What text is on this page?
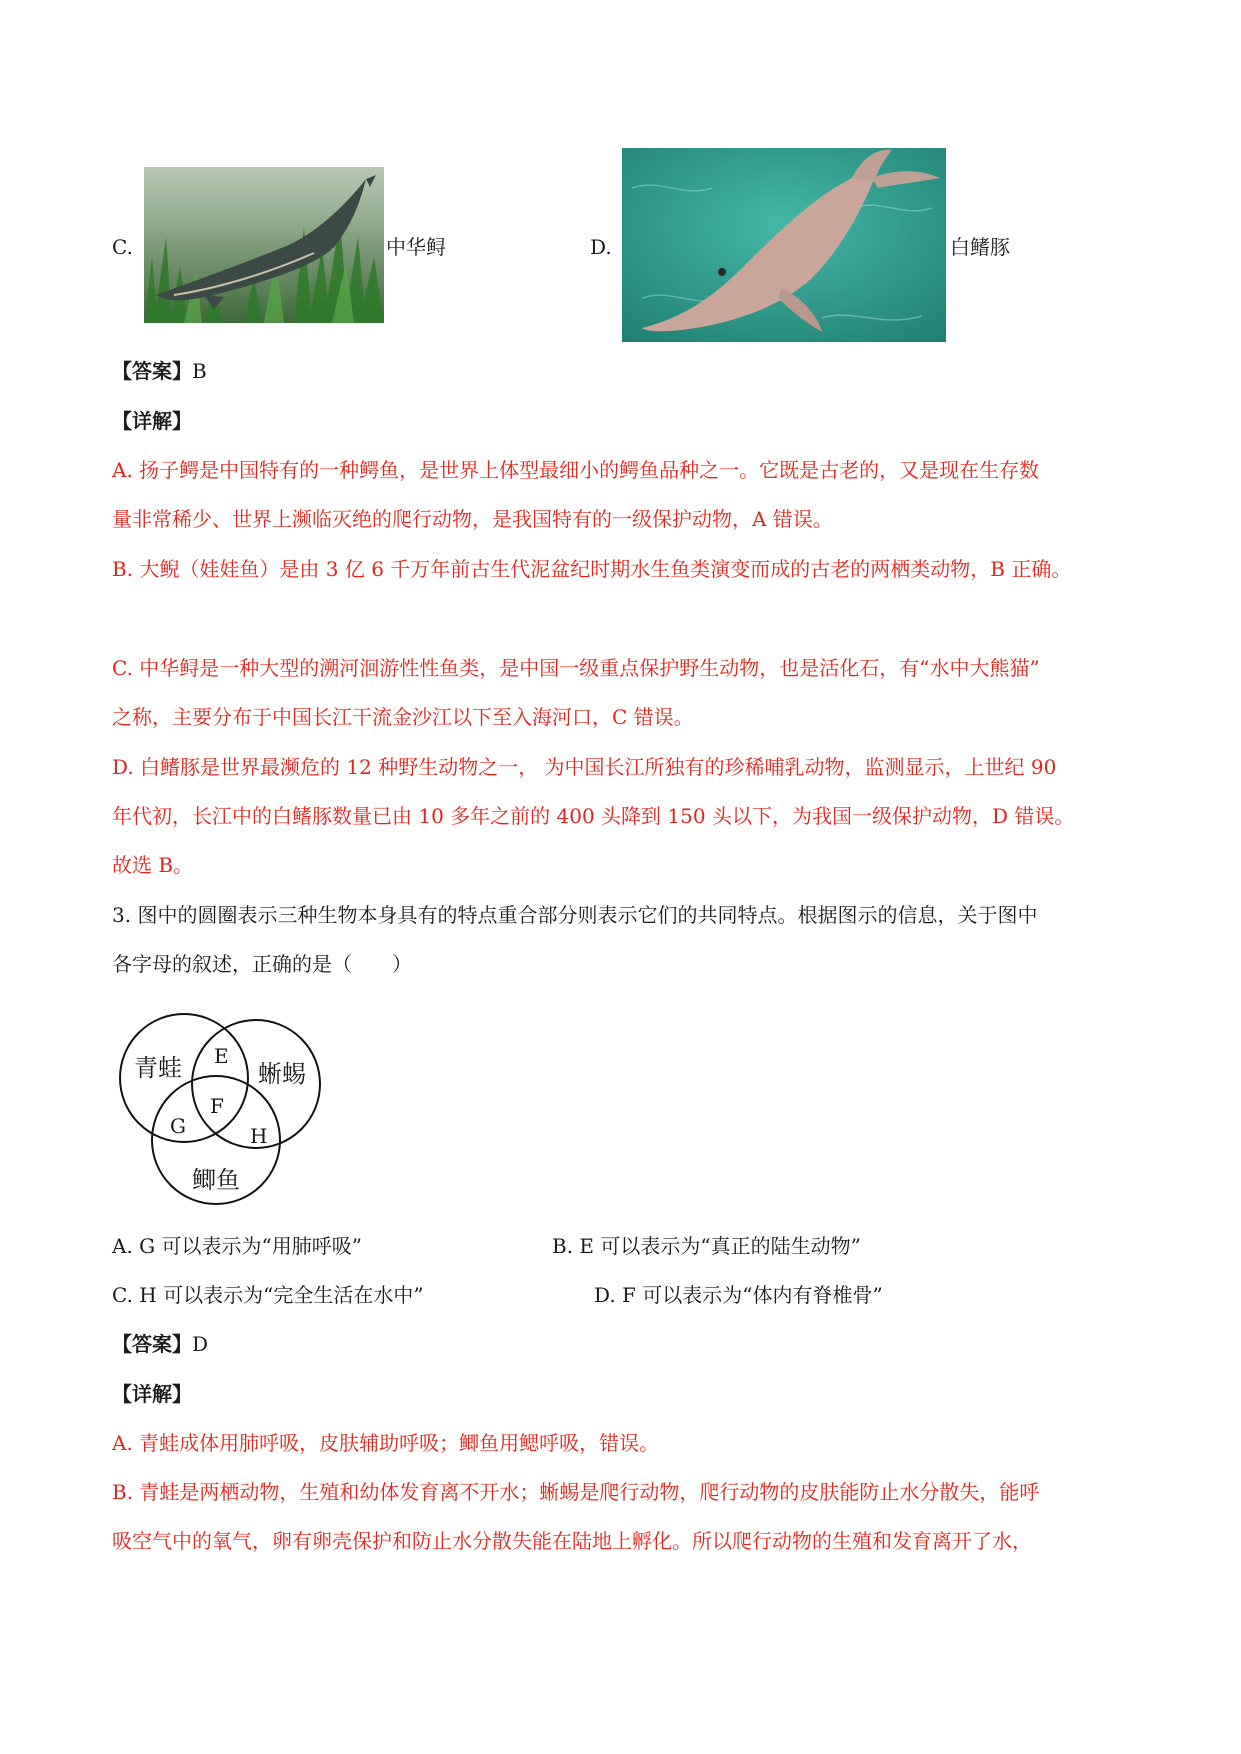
C.	中华鲟	D.	白鳍豚
【答案】B
【详解】
A. 扬子鳄是中国特有的一种鳄鱼，是世界上体型最细小的鳄鱼品种之一。它既是古老的，又是现在生存数
量非常稀少、世界上濒临灭绝的爬行动物，是我国特有的一级保护动物，A 错误。
B. 大鲵（娃娃鱼）是由 3 亿 6 千万年前古生代泥盆纪时期水生鱼类演变而成的古老的两栖类动物，B 正确。
C. 中华鲟是一种大型的溯河洄游性性鱼类，是中国一级重点保护野生动物，也是活化石，有“水中大熊猫”
之称，主要分布于中国长江干流金沙江以下至入海河口，C 错误。
D. 白鳍豚是世界最濒危的 12 种野生动物之一， 为中国长江所独有的珍稀哺乳动物，监测显示，上世纪 90
年代初，长江中的白鳍豚数量已由 10 多年之前的 400 头降到 150 头以下，为我国一级保护动物，D 错误。
故选 B。
3. 图中的圆圈表示三种生物本身具有的特点重合部分则表示它们的共同特点。根据图示的信息，关于图中
各字母的叙述，正确的是（　　）
青蛙	蜥蜴
鲫鱼
E
F
G	H
A. G 可以表示为“用肺呼吸”	B. E 可以表示为“真正的陆生动物”
C. H 可以表示为“完全生活在水中”	D. F 可以表示为“体内有脊椎骨”
【答案】D
【详解】
A. 青蛙成体用肺呼吸，皮肤辅助呼吸；鲫鱼用鳃呼吸，错误。
B. 青蛙是两栖动物，生殖和幼体发育离不开水；蜥蜴是爬行动物，爬行动物的皮肤能防止水分散失，能呼
吸空气中的氧气，卵有卵壳保护和防止水分散失能在陆地上孵化。所以爬行动物的生殖和发育离开了水，
